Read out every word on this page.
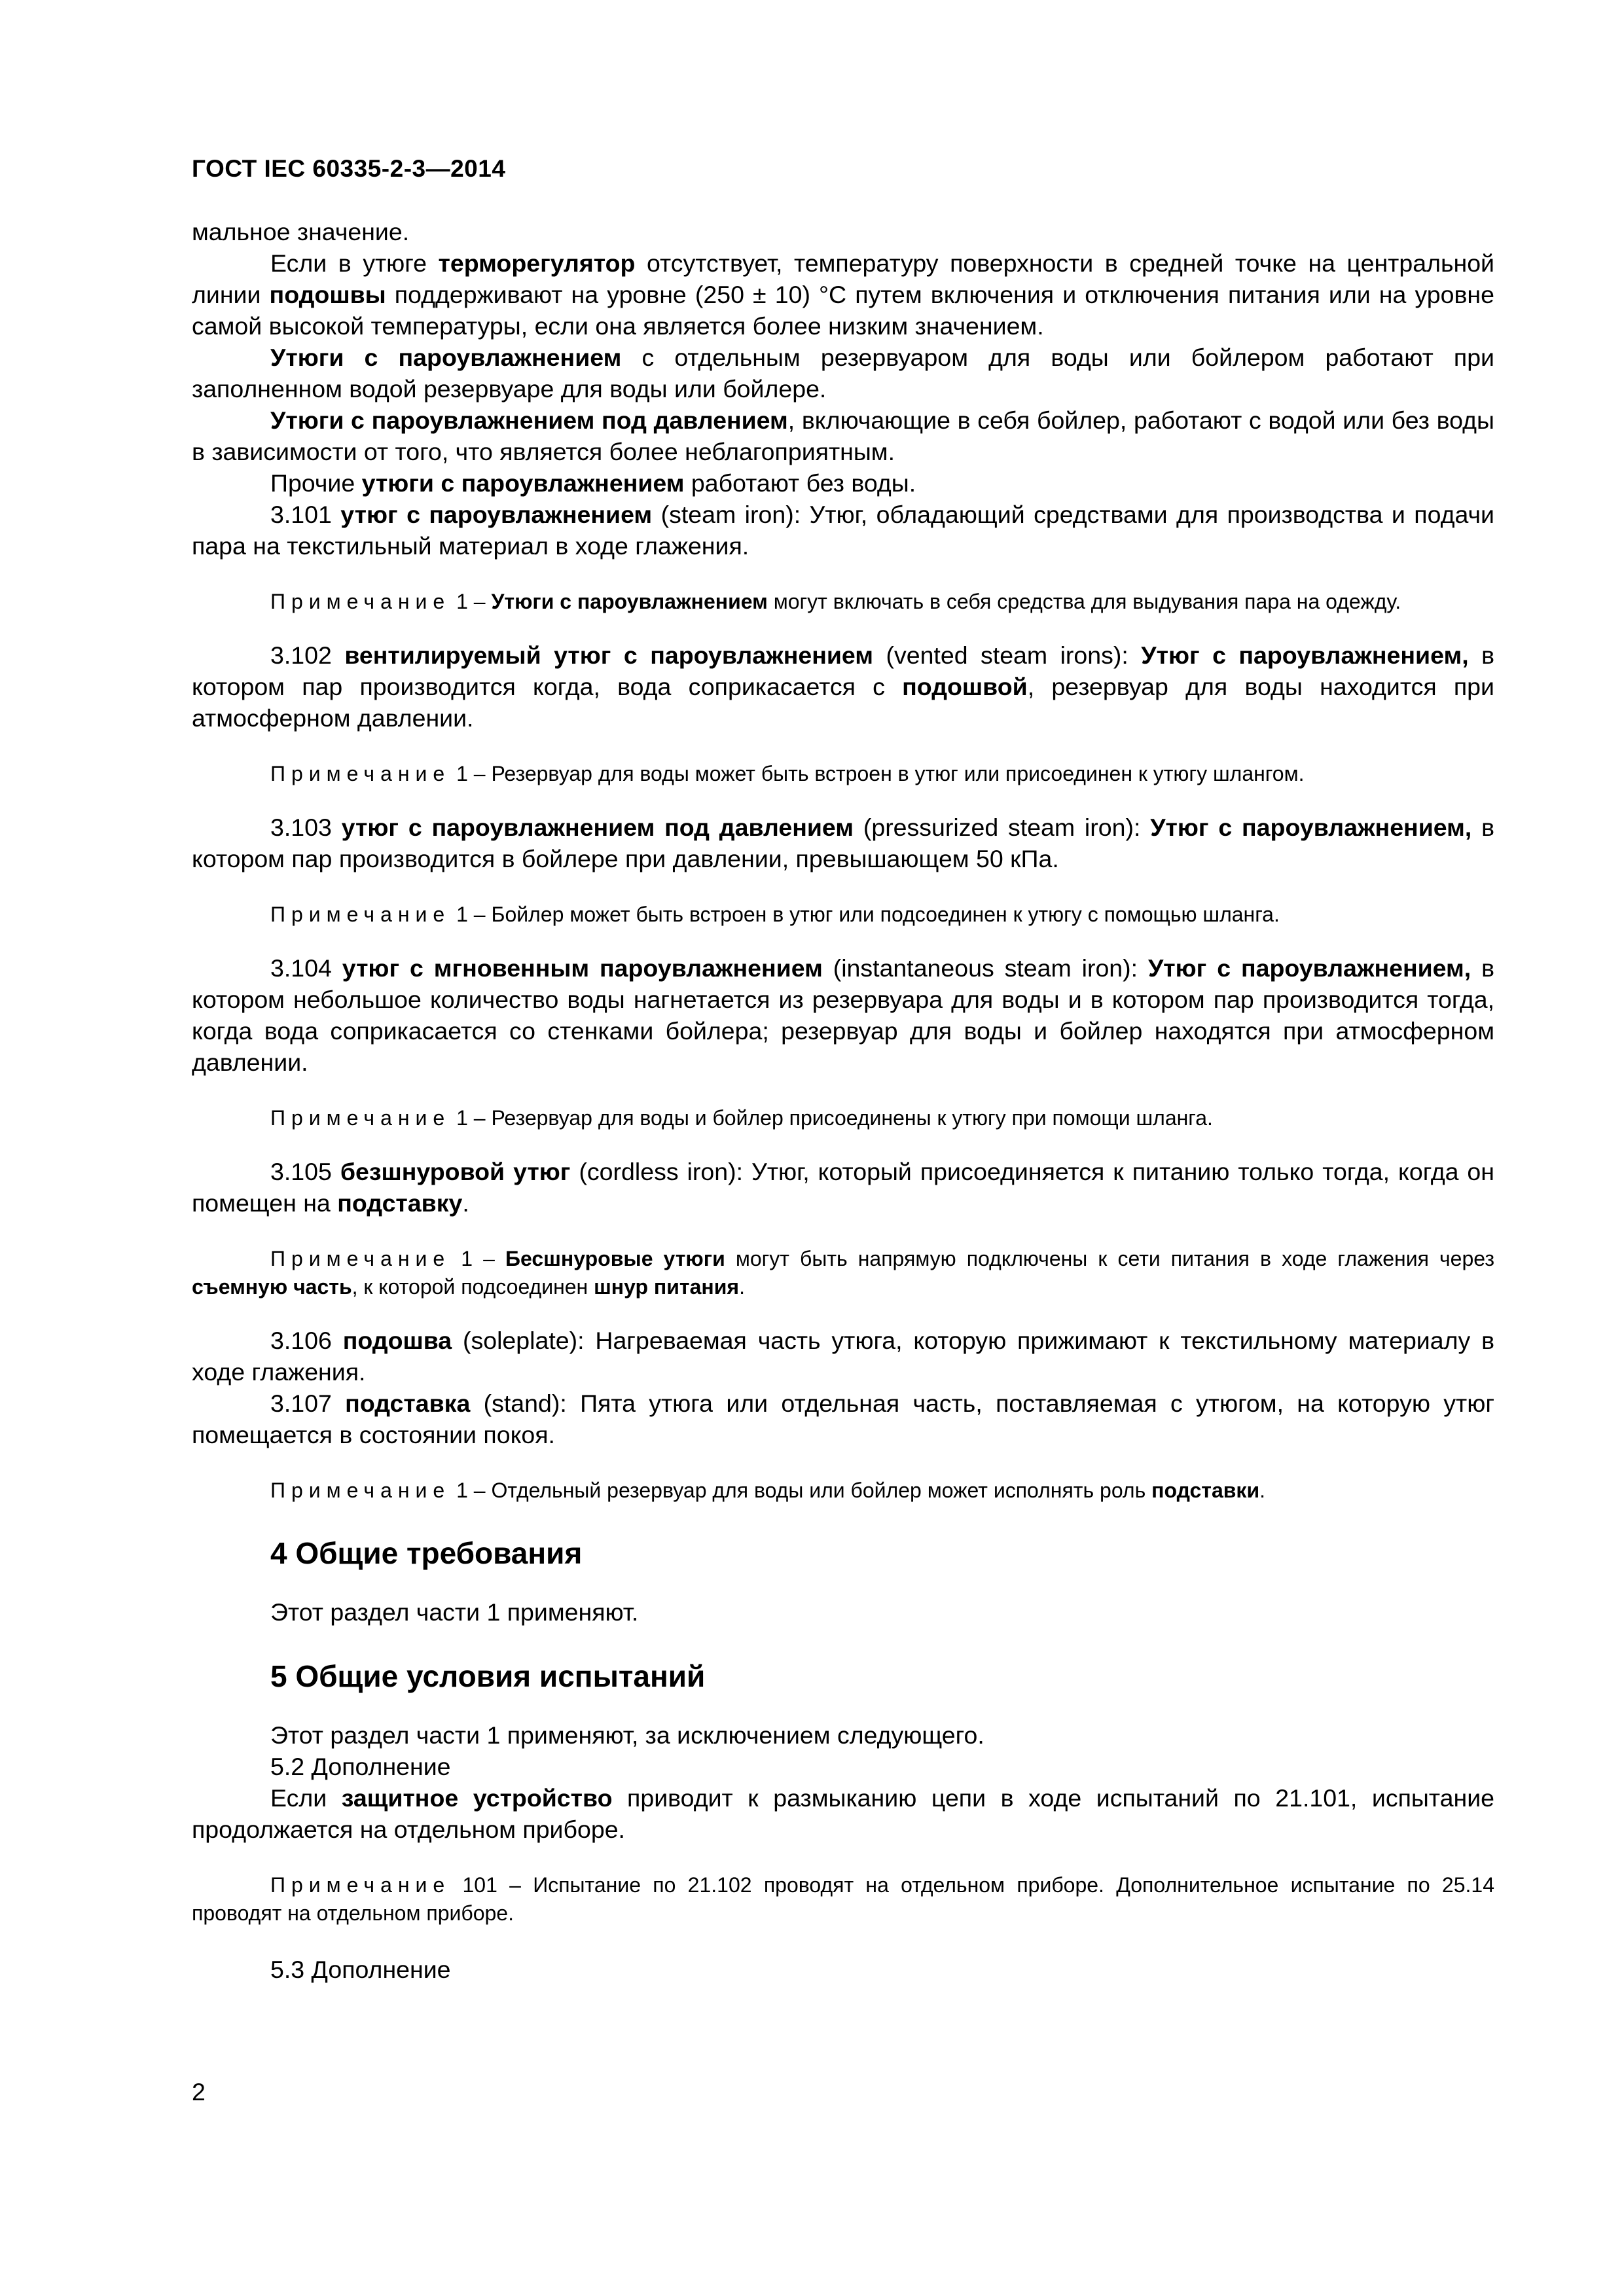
ГОСТ IEC 60335-2-3—2014

мальное значение.

Если в утюге терморегулятор отсутствует, температуру поверхности в средней точке на центральной линии подошвы поддерживают на уровне (250 ± 10) °С путем включения и отключения питания или на уровне самой высокой температуры, если она является более низким значением.

Утюги с пароувлажнением с отдельным резервуаром для воды или бойлером работают при заполненном водой резервуаре для воды или бойлере.

Утюги с пароувлажнением под давлением, включающие в себя бойлер, работают с водой или без воды в зависимости от того, что является более неблагоприятным.

Прочие утюги с пароувлажнением работают без воды.

3.101 утюг с пароувлажнением (steam iron): Утюг, обладающий средствами для производства и подачи пара на текстильный материал в ходе глажения.

Примечание 1 – Утюги с пароувлажнением могут включать в себя средства для выдувания пара на одежду.

3.102 вентилируемый утюг с пароувлажнением (vented steam irons): Утюг с пароувлажнением, в котором пар производится когда, вода соприкасается с подошвой, резервуар для воды находится при атмосферном давлении.

Примечание 1 – Резервуар для воды может быть встроен в утюг или присоединен к утюгу шлангом.

3.103 утюг с пароувлажнением под давлением (pressurized steam iron): Утюг с пароувлажнением, в котором пар производится в бойлере при давлении, превышающем 50 кПа.

Примечание 1 – Бойлер может быть встроен в утюг или подсоединен к утюгу с помощью шланга.

3.104 утюг с мгновенным пароувлажнением (instantaneous steam iron): Утюг с пароувлажнением, в котором небольшое количество воды нагнетается из резервуара для воды и в котором пар производится тогда, когда вода соприкасается со стенками бойлера; резервуар для воды и бойлер находятся при атмосферном давлении.

Примечание 1 – Резервуар для воды и бойлер присоединены к утюгу при помощи шланга.

3.105 безшнуровой утюг (cordless iron): Утюг, который присоединяется к питанию только тогда, когда он помещен на подставку.

Примечание 1 – Бесшнуровые утюги могут быть напрямую подключены к сети питания в ходе глажения через съемную часть, к которой подсоединен шнур питания.

3.106 подошва (soleplate): Нагреваемая часть утюга, которую прижимают к текстильному материалу в ходе глажения.

3.107 подставка (stand): Пята утюга или отдельная часть, поставляемая с утюгом, на которую утюг помещается в состоянии покоя.

Примечание 1 – Отдельный резервуар для воды или бойлер может исполнять роль подставки.

4 Общие требования

Этот раздел части 1 применяют.

5 Общие условия испытаний

Этот раздел части 1 применяют, за исключением следующего.

5.2 Дополнение

Если защитное устройство приводит к размыканию цепи в ходе испытаний по 21.101, испытание продолжается на отдельном приборе.

Примечание 101 – Испытание по 21.102 проводят на отдельном приборе. Дополнительное испытание по 25.14 проводят на отдельном приборе.

5.3 Дополнение

2
